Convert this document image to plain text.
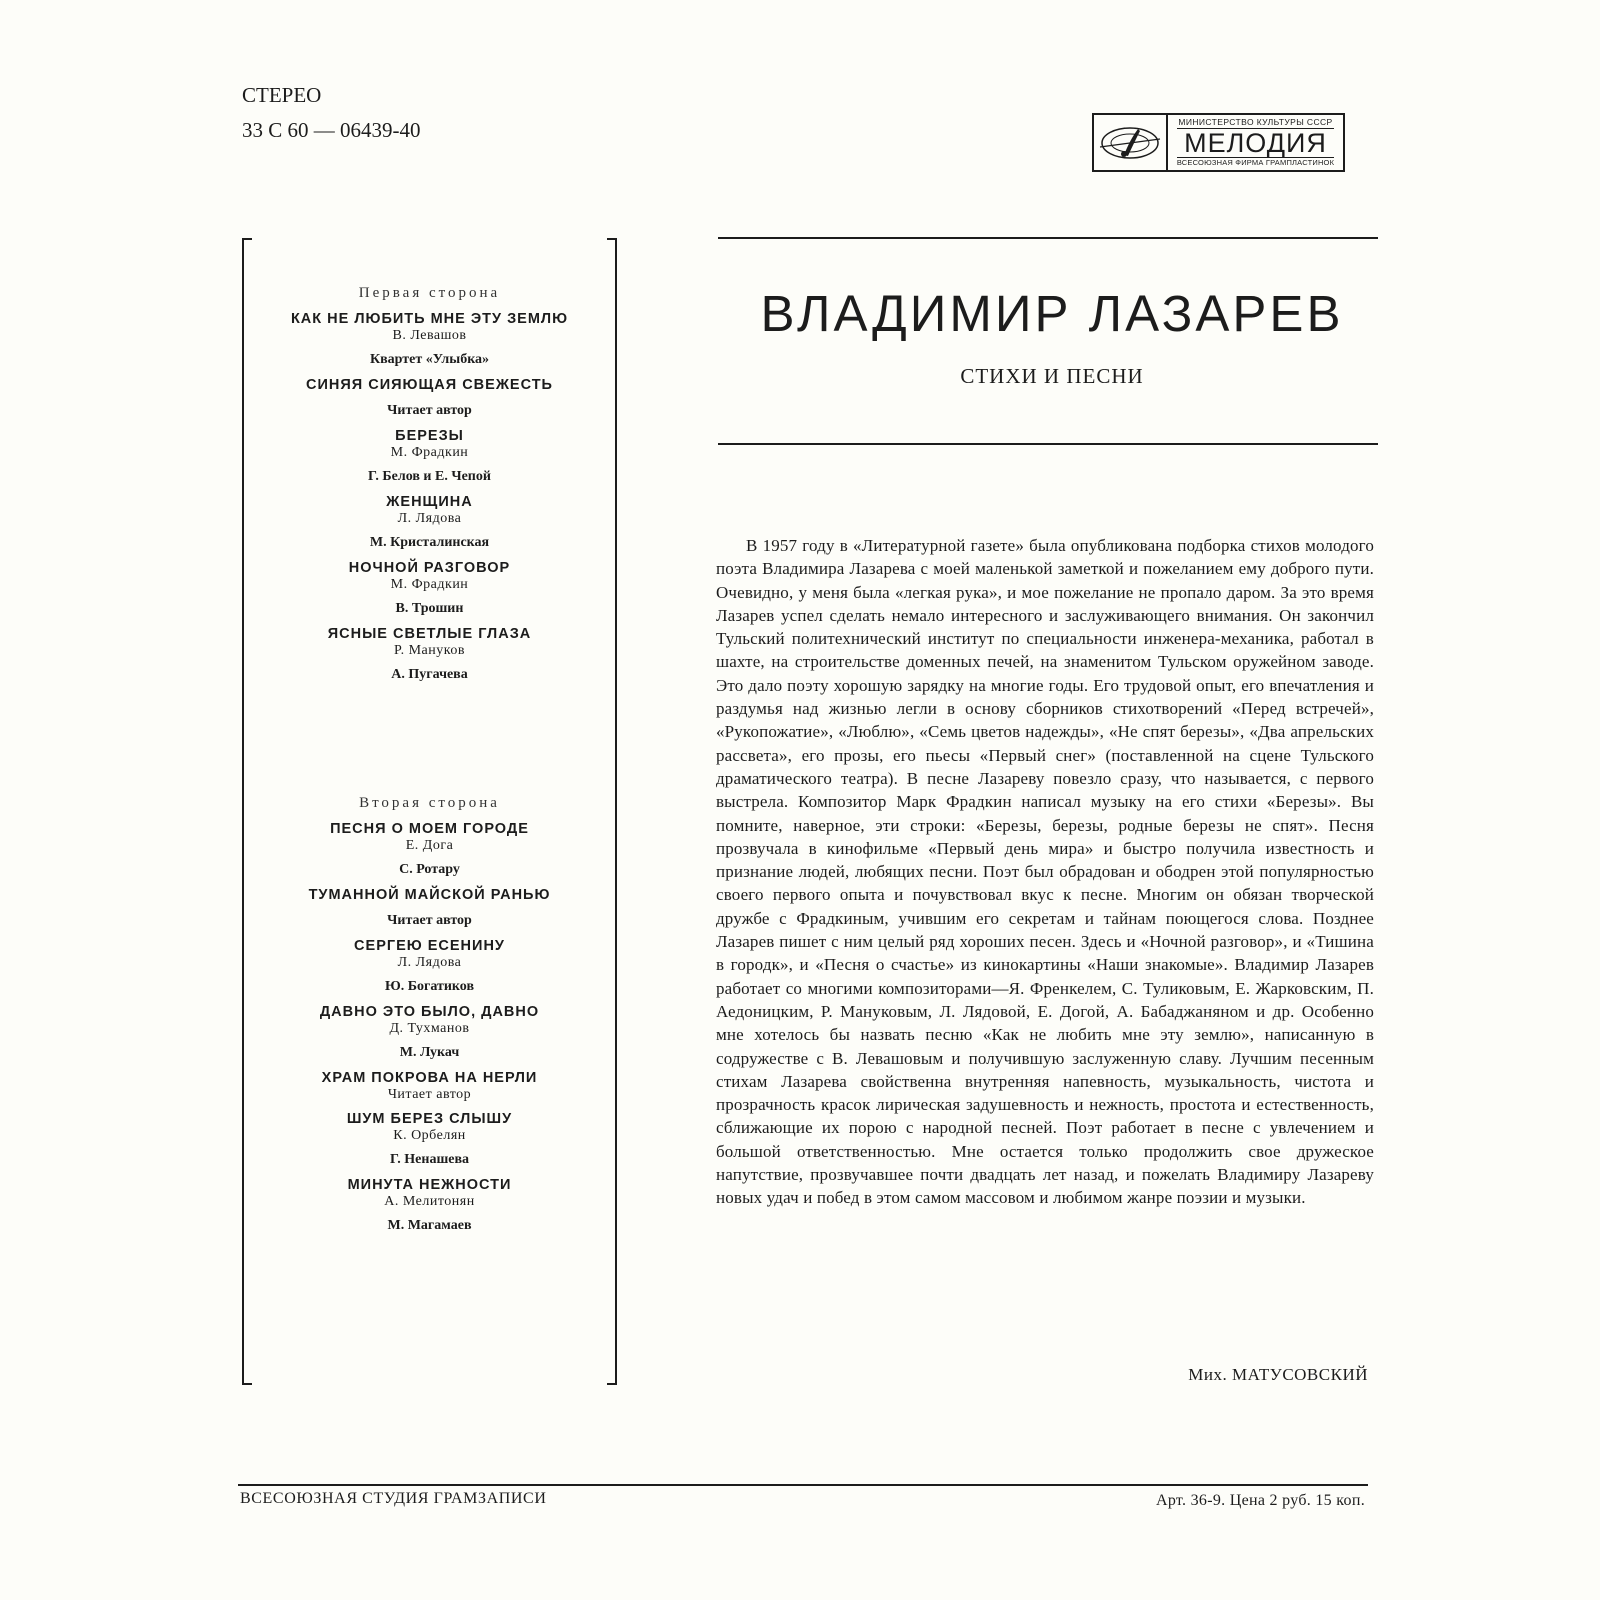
СТЕРЕО
33 С 60 — 06439-40	МИНИСТЕРСТВО КУЛЬТУРЫ СССР
МЕЛОДИЯ
ВСЕСОЮЗНАЯ ФИРМА ГРАМПЛАСТИНОК
Первая сторона
КАК НЕ ЛЮБИТЬ МНЕ ЭТУ ЗЕМЛЮ
В. Левашов
Квартет «Улыбка»
СИНЯЯ СИЯЮЩАЯ СВЕЖЕСТЬ
Читает автор
БЕРЕЗЫ
М. Фрадкин
Г. Белов и Е. Чепой
ЖЕНЩИНА
Л. Лядова
М. Кристалинская
НОЧНОЙ РАЗГОВОР
М. Фрадкин
В. Трошин
ЯСНЫЕ СВЕТЛЫЕ ГЛАЗА
Р. Мануков
А. Пугачева
Вторая сторона
ПЕСНЯ О МОЕМ ГОРОДЕ
Е. Дога
С. Ротару
ТУМАННОЙ МАЙСКОЙ РАНЬЮ
Читает автор
СЕРГЕЮ ЕСЕНИНУ
Л. Лядова
Ю. Богатиков
ДАВНО ЭТО БЫЛО, ДАВНО
Д. Тухманов
М. Лукач
ХРАМ ПОКРОВА НА НЕРЛИ
Читает автор
ШУМ БЕРЕЗ СЛЫШУ
К. Орбелян
Г. Ненашева
МИНУТА НЕЖНОСТИ
А. Мелитонян
М. Магамаев
ВЛАДИМИР ЛАЗАРЕВ
СТИХИ И ПЕСНИ
В 1957 году в «Литературной газете» была опубликована подборка стихов молодого поэта Владимира Лазарева с моей маленькой заметкой и пожеланием ему доброго пути. Очевидно, у меня была «легкая рука», и мое пожелание не пропало даром. За это время Лазарев успел сделать немало интересного и заслуживающего внимания. Он закончил Тульский политехнический институт по специальности инженера-механика, работал в шахте, на строительстве доменных печей, на знаменитом Тульском оружейном заводе. Это дало поэту хорошую зарядку на многие годы. Его трудовой опыт, его впечатления и раздумья над жизнью легли в основу сборников стихотворений «Перед встречей», «Рукопожатие», «Люблю», «Семь цветов надежды», «Не спят березы», «Два апрельских рассвета», его прозы, его пьесы «Первый снег» (поставленной на сцене Тульского драматического театра). В песне Лазареву повезло сразу, что называется, с первого выстрела. Композитор Марк Фрадкин написал музыку на его стихи «Березы». Вы помните, наверное, эти строки: «Березы, березы, родные березы не спят». Песня прозвучала в кинофильме «Первый день мира» и быстро получила известность и признание людей, любящих песни. Поэт был обрадован и ободрен этой популярностью своего первого опыта и почувствовал вкус к песне. Многим он обязан творческой дружбе с Фрадкиным, учившим его секретам и тайнам поющегося слова. Позднее Лазарев пишет с ним целый ряд хороших песен. Здесь и «Ночной разговор», и «Тишина в городк», и «Песня о счастье» из кинокартины «Наши знакомые». Владимир Лазарев работает со многими композиторами—Я. Френкелем, С. Туликовым, Е. Жарковским, П. Аедоницким, Р. Мануковым, Л. Лядовой, Е. Догой, А. Бабаджаняном и др. Особенно мне хотелось бы назвать песню «Как не любить мне эту землю», написанную в содружестве с В. Левашовым и получившую заслуженную славу. Лучшим песенным стихам Лазарева свойственна внутренняя напевность, музыкальность, чистота и прозрачность красок лирическая задушевность и нежность, простота и естественность, сближающие их порою с народной песней. Поэт работает в песне с увлечением и большой ответственностью. Мне остается только продолжить свое дружеское напутствие, прозвучавшее почти двадцать лет назад, и пожелать Владимиру Лазареву новых удач и побед в этом самом массовом и любимом жанре поэзии и музыки.
Мих. МАТУСОВСКИЙ
ВСЕСОЮЗНАЯ СТУДИЯ ГРАМЗАПИСИ	Арт. 36-9. Цена 2 руб. 15 коп.
